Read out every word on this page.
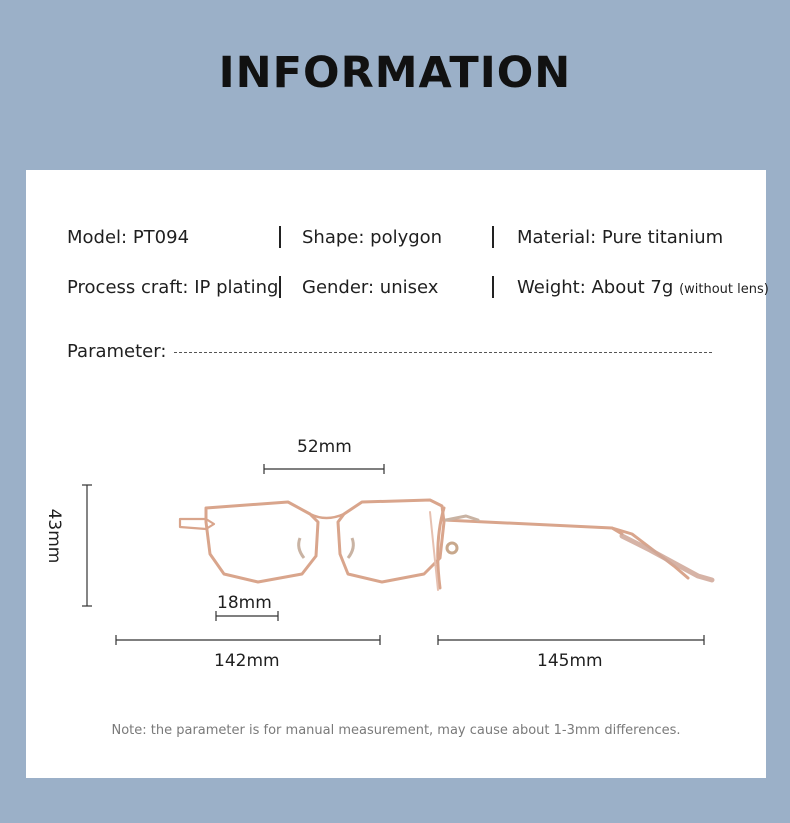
INFORMATION
Model: PT094	Shape: polygon	Material: Pure titanium
Process craft: IP plating Gender: unisex	Weight: About 7g (without lens)
Parameter:
52mm
43mm
18mm
142mm	145mm
Note: the parameter is for manual measurement, may cause about 1-3mm differences.
